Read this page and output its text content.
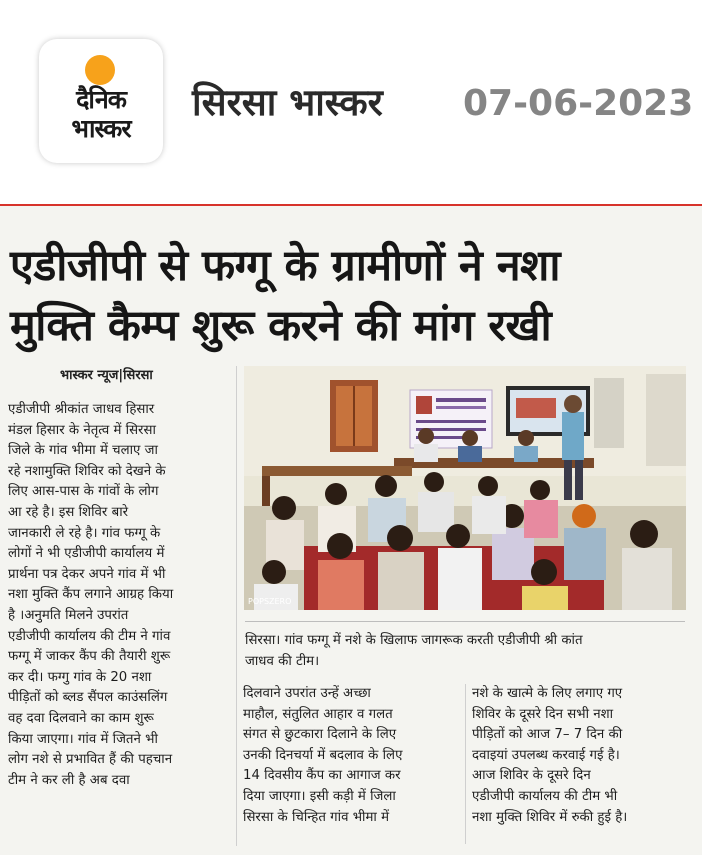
दैनिक
भास्कर
सिरसा भास्कर 07-06-2023
एडीजीपी से फग्गू के ग्रामीणों ने नशा
मुक्ति कैम्प शुरू करने की मांग रखी
भास्कर न्यूज|सिरसा
एडीजीपी श्रीकांत जाधव हिसार
मंडल हिसार के नेतृत्व में सिरसा
जिले के गांव भीमा में चलाए जा
रहे नशामुक्ति शिविर को देखने के
लिए आस-पास के गांवों के लोग
आ रहे है। इस शिविर बारे
जानकारी ले रहे है। गांव फग्गू के
लोगों ने भी एडीजीपी कार्यालय में
प्रार्थना पत्र देकर अपने गांव में भी
नशा मुक्ति कैंप लगाने आग्रह किया
है ।अनुमति मिलने उपरांत
एडीजीपी कार्यालय की टीम ने गांव
फग्गू में जाकर कैंप की तैयारी शुरू
कर दी। फग्गु गांव के 20 नशा
पीड़ितों को ब्लड सैंपल काउंसलिंग
वह दवा दिलवाने का काम शुरू
किया जाएगा। गांव में जितने भी
लोग नशे से प्रभावित हैं की पहचान
टीम ने कर ली है अब दवा
POPSZERO
सिरसा। गांव फग्गू में नशे के खिलाफ जागरूक करती एडीजीपी श्री कांत
जाधव की टीम।
दिलवाने उपरांत उन्हें अच्छा
माहौल, संतुलित आहार व गलत
संगत से छुटकारा दिलाने के लिए
उनकी दिनचर्या में बदलाव के लिए
14 दिवसीय कैंप का आगाज कर
दिया जाएगा। इसी कड़ी में जिला
सिरसा के चिन्हित गांव भीमा में
नशे के खात्मे के लिए लगाए गए
शिविर के दूसरे दिन सभी नशा
पीड़ितों को आज 7– 7 दिन की
दवाइयां उपलब्ध करवाई गई है।
आज शिविर के दूसरे दिन
एडीजीपी कार्यालय की टीम भी
नशा मुक्ति शिविर में रुकी हुई है।
